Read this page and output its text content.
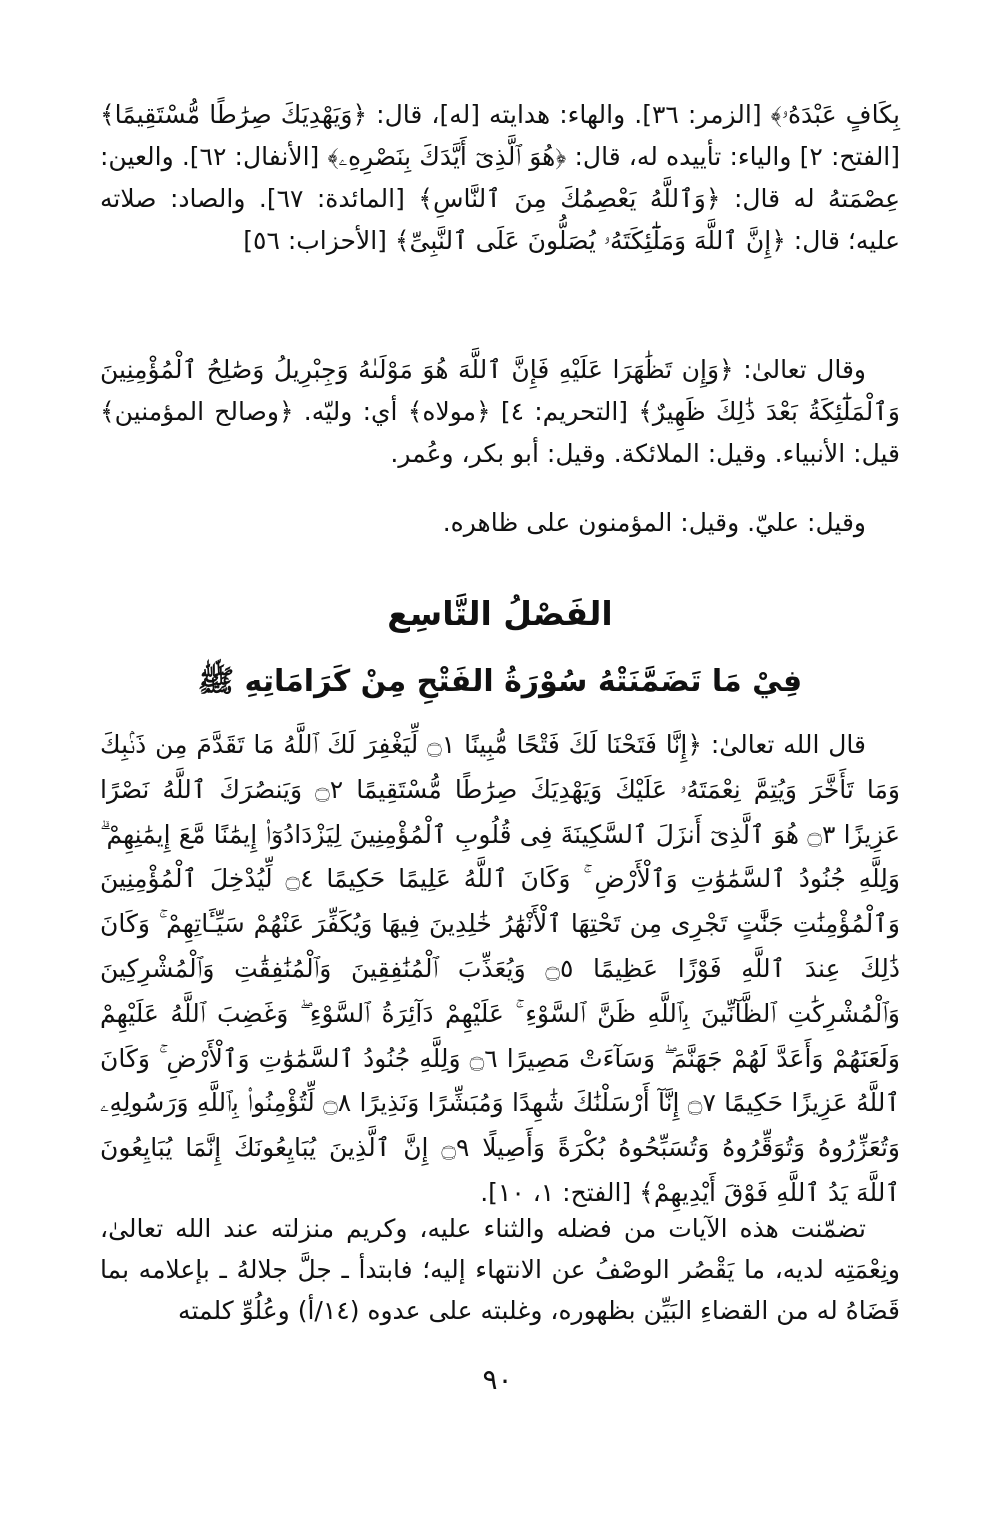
بِكَافٍ عَبْدَهُۥ﴾ [الزمر: ٣٦]. والهاء: هدايته [له]، قال: ﴿وَيَهْدِيَكَ صِرَٰطًا مُّسْتَقِيمًا﴾ [الفتح: ٢] والياء: تأييده له، قال: ﴿هُوَ ٱلَّذِىٓ أَيَّدَكَ بِنَصْرِهِۦ﴾ [الأنفال: ٦٢]. والعين: عِصْمَتهُ له قال: ﴿وَٱللَّهُ يَعْصِمُكَ مِنَ ٱلنَّاسِ﴾ [المائدة: ٦٧]. والصاد: صلاته عليه؛ قال: ﴿إِنَّ ٱللَّهَ وَمَلَٰٓئِكَتَهُۥ يُصَلُّونَ عَلَى ٱلنَّبِىِّ﴾ [الأحزاب: ٥٦]

وقال تعالىٰ: ﴿وَإِن تَظَٰهَرَا عَلَيْهِ فَإِنَّ ٱللَّهَ هُوَ مَوْلَىٰهُ وَجِبْرِيلُ وَصَٰلِحُ ٱلْمُؤْمِنِينَ وَٱلْمَلَٰٓئِكَةُ بَعْدَ ذَٰلِكَ ظَهِيرٌ﴾ [التحريم: ٤] ﴿مولاه﴾ أي: وليّه. ﴿وصالح المؤمنين﴾ قيل: الأنبياء. وقيل: الملائكة. وقيل: أبو بكر، وعُمر.

وقيل: عليّ. وقيل: المؤمنون على ظاهره.

الفَصْلُ التَّاسِع
فِيْ مَا تَضَمَّنَتْهُ سُوْرَةُ الفَتْحِ مِنْ كَرَامَاتِهِ ﷺ

قال الله تعالىٰ: ﴿إِنَّا فَتَحْنَا لَكَ فَتْحًا مُّبِينًا ۝١ لِّيَغْفِرَ لَكَ ٱللَّهُ مَا تَقَدَّمَ مِن ذَنۢبِكَ وَمَا تَأَخَّرَ وَيُتِمَّ نِعْمَتَهُۥ عَلَيْكَ وَيَهْدِيَكَ صِرَٰطًا مُّسْتَقِيمًا ۝٢ وَيَنصُرَكَ ٱللَّهُ نَصْرًا عَزِيزًا ۝٣ هُوَ ٱلَّذِىٓ أَنزَلَ ٱلسَّكِينَةَ فِى قُلُوبِ ٱلْمُؤْمِنِينَ لِيَزْدَادُوٓا۟ إِيمَٰنًا مَّعَ إِيمَٰنِهِمْ ۗ وَلِلَّهِ جُنُودُ ٱلسَّمَٰوَٰتِ وَٱلْأَرْضِ ۚ وَكَانَ ٱللَّهُ عَلِيمًا حَكِيمًا ۝٤ لِّيُدْخِلَ ٱلْمُؤْمِنِينَ وَٱلْمُؤْمِنَٰتِ جَنَّٰتٍ تَجْرِى مِن تَحْتِهَا ٱلْأَنْهَٰرُ خَٰلِدِينَ فِيهَا وَيُكَفِّرَ عَنْهُمْ سَيِّـَٔاتِهِمْ ۚ وَكَانَ ذَٰلِكَ عِندَ ٱللَّهِ فَوْزًا عَظِيمًا ۝٥ وَيُعَذِّبَ ٱلْمُنَٰفِقِينَ وَٱلْمُنَٰفِقَٰتِ وَٱلْمُشْرِكِينَ وَٱلْمُشْرِكَٰتِ ٱلظَّآنِّينَ بِٱللَّهِ ظَنَّ ٱلسَّوْءِ ۚ عَلَيْهِمْ دَآئِرَةُ ٱلسَّوْءِ ۖ وَغَضِبَ ٱللَّهُ عَلَيْهِمْ وَلَعَنَهُمْ وَأَعَدَّ لَهُمْ جَهَنَّمَ ۖ وَسَآءَتْ مَصِيرًا ۝٦ وَلِلَّهِ جُنُودُ ٱلسَّمَٰوَٰتِ وَٱلْأَرْضِ ۚ وَكَانَ ٱللَّهُ عَزِيزًا حَكِيمًا ۝٧ إِنَّآ أَرْسَلْنَٰكَ شَٰهِدًا وَمُبَشِّرًا وَنَذِيرًا ۝٨ لِّتُؤْمِنُوا۟ بِٱللَّهِ وَرَسُولِهِۦ وَتُعَزِّرُوهُ وَتُوَقِّرُوهُ وَتُسَبِّحُوهُ بُكْرَةً وَأَصِيلًا ۝٩ إِنَّ ٱلَّذِينَ يُبَايِعُونَكَ إِنَّمَا يُبَايِعُونَ ٱللَّهَ يَدُ ٱللَّهِ فَوْقَ أَيْدِيهِمْ﴾ [الفتح: ١، ١٠].

تضمّنت هذه الآيات من فضله والثناء عليه، وكريم منزلته عند الله تعالىٰ، ونِعْمَتِه لديه، ما يَقْصُر الوصْفُ عن الانتهاء إليه؛ فابتدأ ـ جلَّ جلالهُ ـ بإعلامه بما قَضَاهُ له من القضاءِ البَيِّن بظهوره، وغلبته على عدوه (١٤/أ) وعُلُوِّ كلمته

٩٠
